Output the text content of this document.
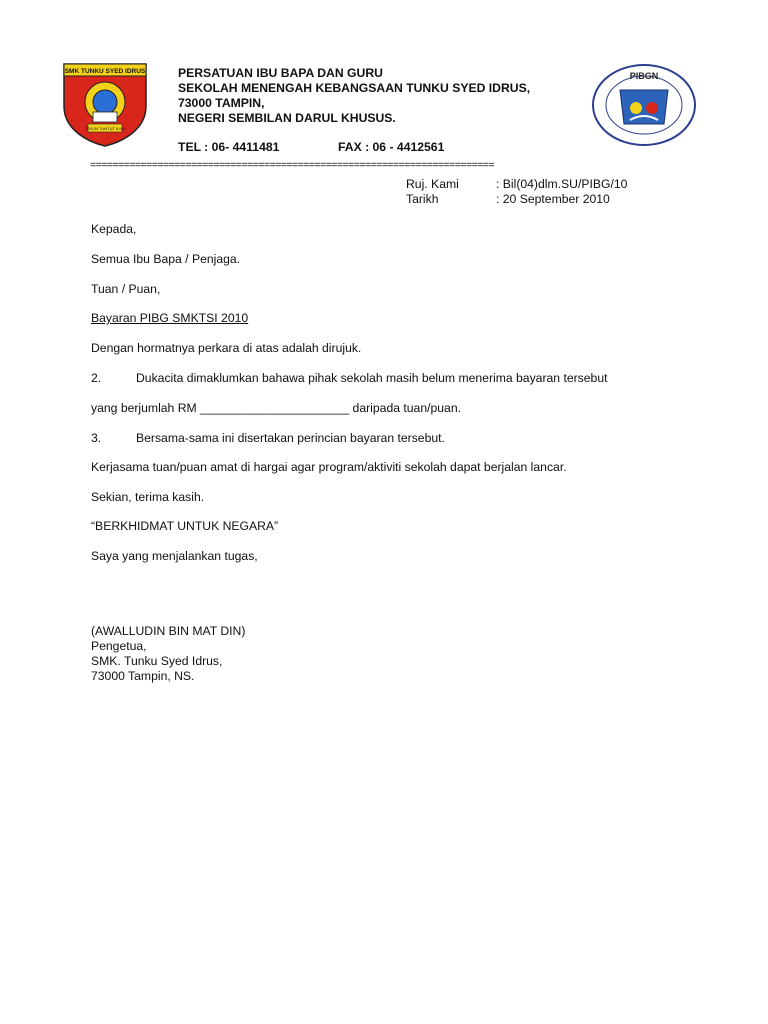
SMK TUNKU SYED IDRUS
TEKUN TUNTUT ILMU
PIBGN
PERSATUAN IBU BAPA DAN GURU
SEKOLAH MENENGAH KEBANGSAAN TUNKU SYED IDRUS,
73000 TAMPIN,
NEGERI SEMBILAN DARUL KHUSUS.
TEL : 06- 4411481	FAX : 06 - 4412561
========================================================================
Ruj. Kami	: Bil(04)dlm.SU/PIBG/10
Tarikh	: 20 September 2010
Kepada,
Semua Ibu Bapa / Penjaga.
Tuan / Puan,
Bayaran PIBG SMKTSI 2010
Dengan hormatnya perkara di atas adalah dirujuk.
2.	Dukacita dimaklumkan bahawa pihak sekolah masih belum menerima bayaran tersebut
yang berjumlah RM ______________________ daripada tuan/puan.
3.	Bersama-sama ini disertakan perincian bayaran tersebut.
Kerjasama tuan/puan amat di hargai agar program/aktiviti sekolah dapat berjalan lancar.
Sekian, terima kasih.
“BERKHIDMAT UNTUK NEGARA”
Saya yang menjalankan tugas,
(AWALLUDIN BIN MAT DIN)
Pengetua,
SMK. Tunku Syed Idrus,
73000 Tampin, NS.
